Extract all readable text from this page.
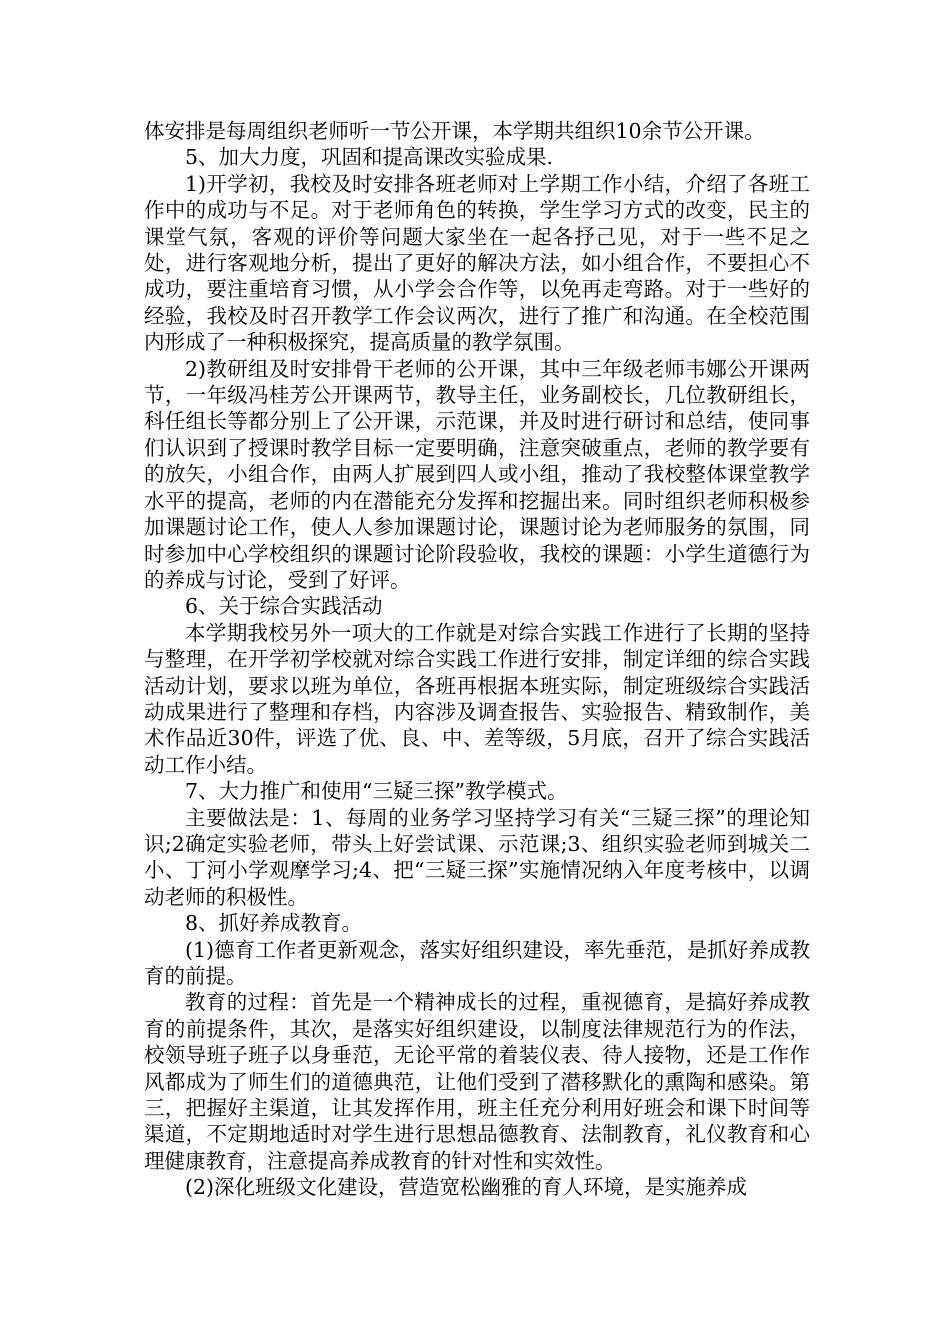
体安排是每周组织老师听一节公开课，本学期共组织10余节公开课。

5、加大力度，巩固和提高课改实验成果.

1)开学初，我校及时安排各班老师对上学期工作小结，介绍了各班工作中的成功与不足。对于老师角色的转换，学生学习方式的改变，民主的课堂气氛，客观的评价等问题大家坐在一起各抒己见，对于一些不足之处，进行客观地分析，提出了更好的解决方法，如小组合作，不要担心不成功，要注重培育习惯，从小学会合作等，以免再走弯路。对于一些好的经验，我校及时召开教学工作会议两次，进行了推广和沟通。在全校范围内形成了一种积极探究，提高质量的教学氛围。

2)教研组及时安排骨干老师的公开课，其中三年级老师韦娜公开课两节，一年级冯桂芳公开课两节，教导主任，业务副校长，几位教研组长，科任组长等都分别上了公开课，示范课，并及时进行研讨和总结，使同事们认识到了授课时教学目标一定要明确，注意突破重点，老师的教学要有的放矢，小组合作，由两人扩展到四人或小组，推动了我校整体课堂教学水平的提高，老师的内在潜能充分发挥和挖掘出来。同时组织老师积极参加课题讨论工作，使人人参加课题讨论，课题讨论为老师服务的氛围，同时参加中心学校组织的课题讨论阶段验收，我校的课题：小学生道德行为的养成与讨论，受到了好评。

6、关于综合实践活动

本学期我校另外一项大的工作就是对综合实践工作进行了长期的坚持与整理，在开学初学校就对综合实践工作进行安排，制定详细的综合实践活动计划，要求以班为单位，各班再根据本班实际，制定班级综合实践活动成果进行了整理和存档，内容涉及调查报告、实验报告、精致制作，美术作品近30件，评选了优、良、中、差等级，5月底，召开了综合实践活动工作小结。

7、大力推广和使用“三疑三探”教学模式。

主要做法是：1、每周的业务学习坚持学习有关“三疑三探”的理论知识;2确定实验老师，带头上好尝试课、示范课;3、组织实验老师到城关二小、丁河小学观摩学习;4、把“三疑三探”实施情况纳入年度考核中，以调动老师的积极性。

8、抓好养成教育。

(1)德育工作者更新观念，落实好组织建设，率先垂范，是抓好养成教育的前提。

教育的过程：首先是一个精神成长的过程，重视德育，是搞好养成教育的前提条件，其次，是落实好组织建设，以制度法律规范行为的作法，校领导班子班子以身垂范，无论平常的着装仪表、待人接物，还是工作作风都成为了师生们的道德典范，让他们受到了潜移默化的熏陶和感染。第三，把握好主渠道，让其发挥作用，班主任充分利用好班会和课下时间等渠道，不定期地适时对学生进行思想品德教育、法制教育，礼仪教育和心理健康教育，注意提高养成教育的针对性和实效性。

(2)深化班级文化建设，营造宽松幽雅的育人环境，是实施养成
